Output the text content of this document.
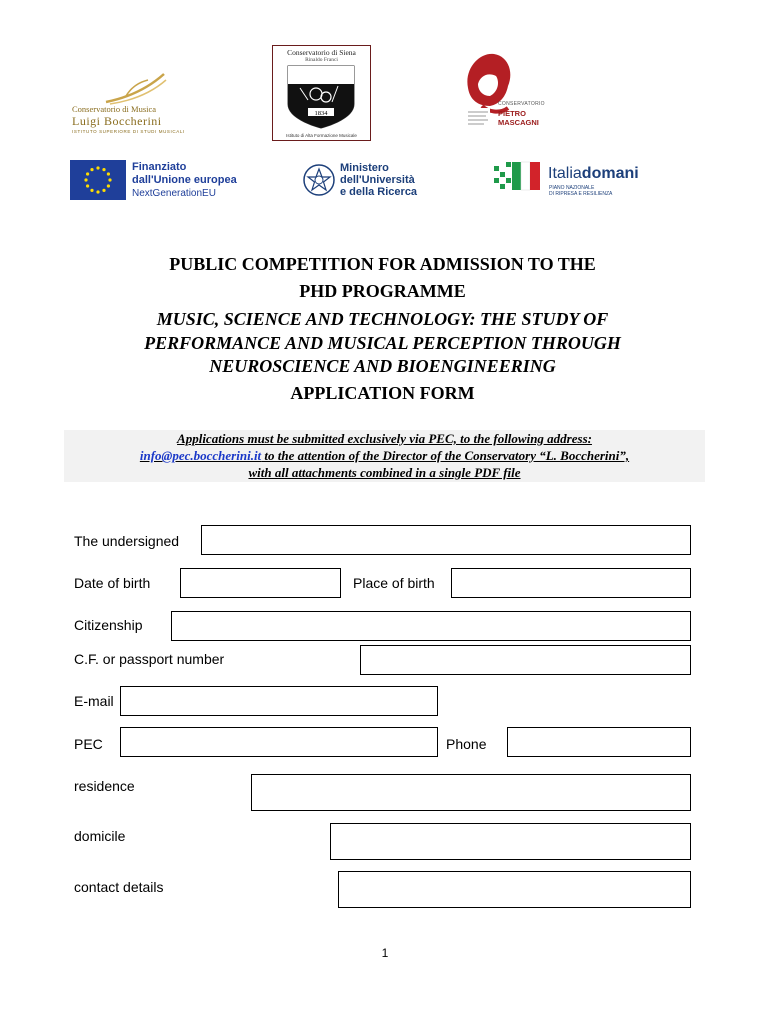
Conservatorio di Musica
Luigi Boccherini
ISTITUTO SUPERIORE DI STUDI MUSICALI
Conservatorio di Siena
Rinaldo Franci
1834
Istituto di Alta Formazione Musicale
CONSERVATORIO
PIETRO
MASCAGNI
Finanziato
dall'Unione europea
NextGenerationEU
Ministero
dell'Università
e della Ricerca
Italiadomani
PIANO NAZIONALE
DI RIPRESA E RESILIENZA
PUBLIC COMPETITION FOR ADMISSION TO THE
PHD PROGRAMME
MUSIC, SCIENCE AND TECHNOLOGY: THE STUDY OF
PERFORMANCE AND MUSICAL PERCEPTION THROUGH
NEUROSCIENCE AND BIOENGINEERING
APPLICATION FORM
Applications must be submitted exclusively via PEC, to the following address:
info@pec.boccherini.it to the attention of the Director of the Conservatory “L. Boccherini”,
with all attachments combined in a single PDF file
The undersigned
Date of birth	Place of birth
Citizenship
C.F. or passport number
E-mail
PEC	Phone
residence
domicile
contact details
1
